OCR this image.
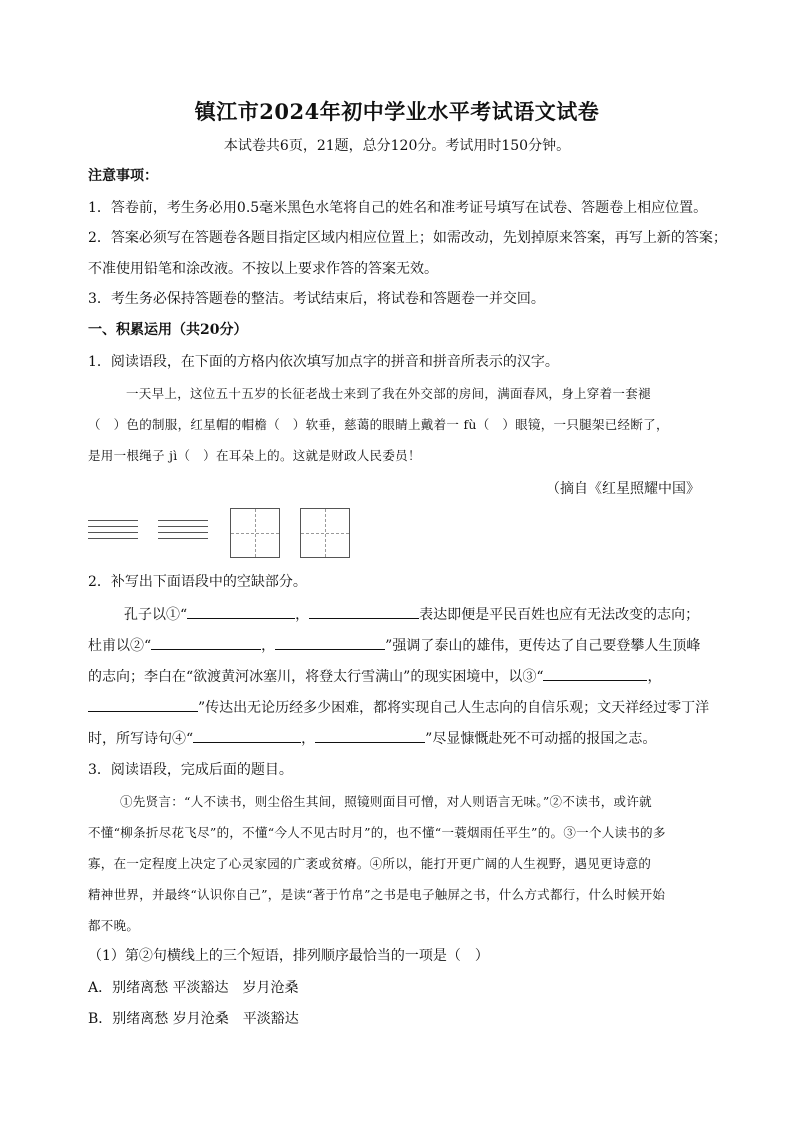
镇江市2024年初中学业水平考试语文试卷
本试卷共6页，21题，总分120分。考试用时150分钟。
注意事项：
1．答卷前，考生务必用0.5毫米黑色水笔将自己的姓名和准考证号填写在试卷、答题卷上相应位置。
2．答案必须写在答题卷各题目指定区域内相应位置上；如需改动，先划掉原来答案，再写上新的答案；
不准使用铅笔和涂改液。不按以上要求作答的答案无效。
3．考生务必保持答题卷的整洁。考试结束后，将试卷和答题卷一并交回。
一、积累运用（共20分）
1．阅读语段，在下面的方格内依次填写加点字的拼音和拼音所表示的汉字。
一天早上，这位五十五岁的长征老战士来到了我在外交部的房间，满面春风，身上穿着一套褪
（　）色的制服，红星帽的帽檐（　）软垂，慈蔼的眼睛上戴着一 fù（　）眼镜，一只腿架已经断了，
是用一根绳子 jì（　）在耳朵上的。这就是财政人民委员！
（摘自《红星照耀中国》
2．补写出下面语段中的空缺部分。
孔子以①“	，	表达即便是平民百姓也应有无法改变的志向；
杜甫以②“	，	”强调了泰山的雄伟，更传达了自己要登攀人生顶峰
的志向；李白在“欲渡黄河冰塞川，将登太行雪满山”的现实困境中，以③“	，
”传达出无论历经多少困难，都将实现自己人生志向的自信乐观；文天祥经过零丁洋
时，所写诗句④“	，	”尽显慷慨赴死不可动摇的报国之志。
3．阅读语段，完成后面的题目。
①先贤言：“人不读书，则尘俗生其间，照镜则面目可憎，对人则语言无味。”②不读书，或许就
不懂“柳条折尽花飞尽”的，不懂“今人不见古时月”的，也不懂“一蓑烟雨任平生”的。③一个人读书的多
寡，在一定程度上决定了心灵家园的广袤或贫瘠。④所以，能打开更广阔的人生视野，遇见更诗意的
精神世界，并最终“认识你自己”，是读“著于竹帛”之书是电子触屏之书，什么方式都行，什么时候开始
都不晚。
（1）第②句横线上的三个短语，排列顺序最恰当的一项是（　）
A．别绪离愁 平淡豁达　岁月沧桑
B．别绪离愁 岁月沧桑　平淡豁达
